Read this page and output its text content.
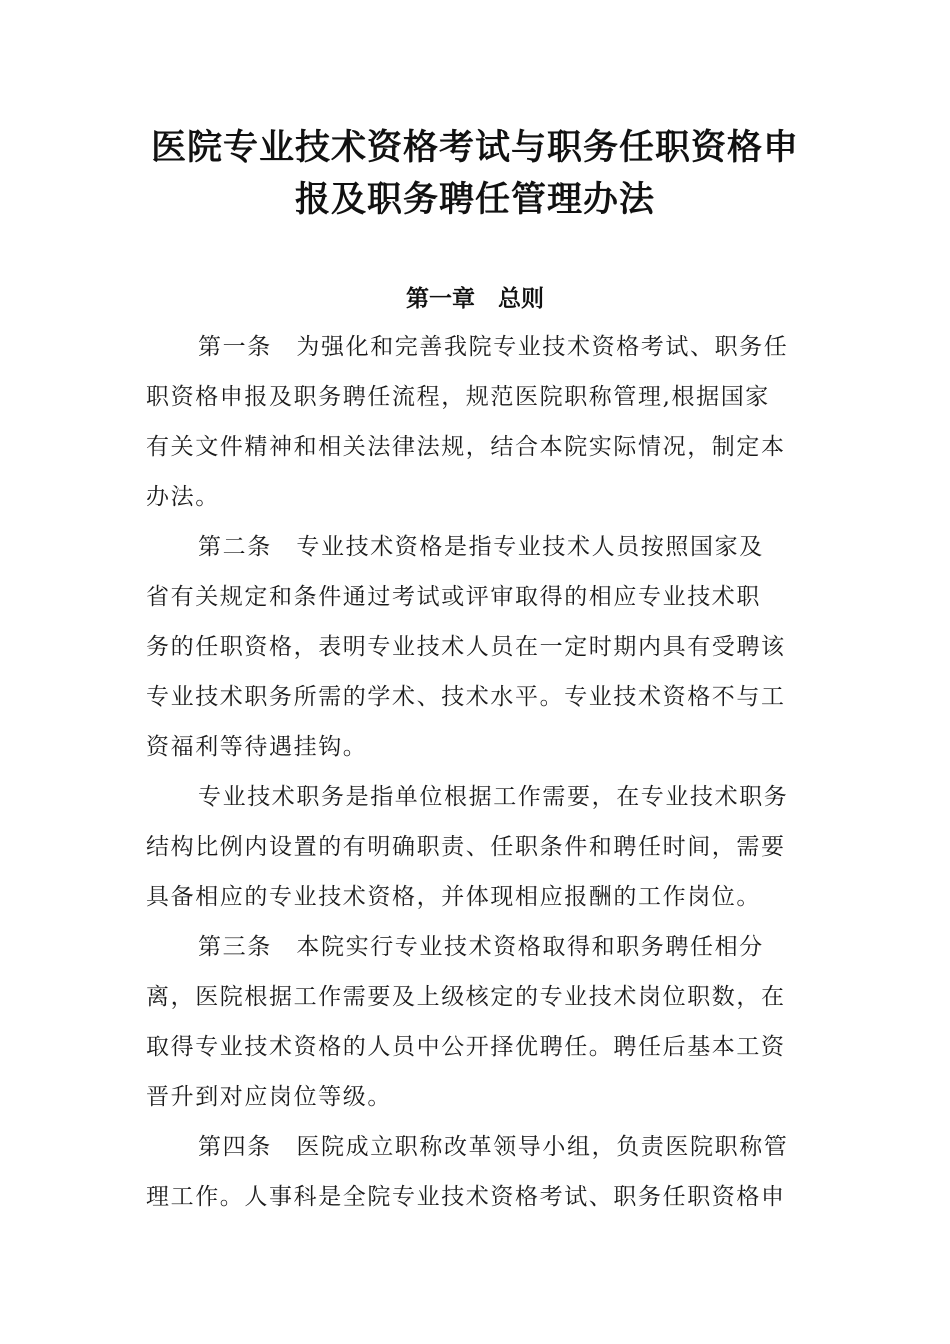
医院专业技术资格考试与职务任职资格申
报及职务聘任管理办法
第一章　总则
第一条　为强化和完善我院专业技术资格考试、职务任
职资格申报及职务聘任流程，规范医院职称管理,根据国家
有关文件精神和相关法律法规，结合本院实际情况，制定本
办法。
第二条　专业技术资格是指专业技术人员按照国家及
省有关规定和条件通过考试或评审取得的相应专业技术职
务的任职资格，表明专业技术人员在一定时期内具有受聘该
专业技术职务所需的学术、技术水平。专业技术资格不与工
资福利等待遇挂钩。
专业技术职务是指单位根据工作需要，在专业技术职务
结构比例内设置的有明确职责、任职条件和聘任时间，需要
具备相应的专业技术资格，并体现相应报酬的工作岗位。
第三条　本院实行专业技术资格取得和职务聘任相分
离，医院根据工作需要及上级核定的专业技术岗位职数，在
取得专业技术资格的人员中公开择优聘任。聘任后基本工资
晋升到对应岗位等级。
第四条　医院成立职称改革领导小组，负责医院职称管
理工作。人事科是全院专业技术资格考试、职务任职资格申
